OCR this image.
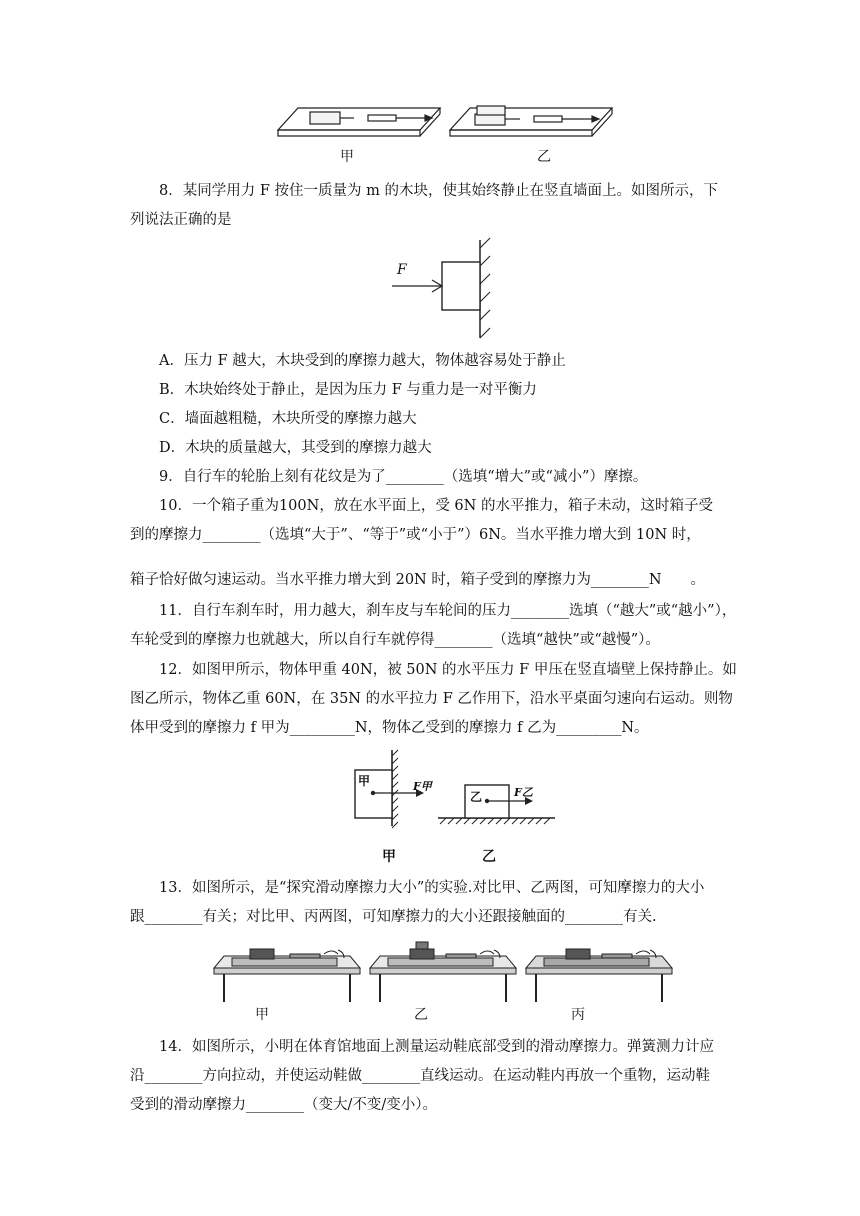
甲	乙
8．某同学用力 F 按住一质量为 m 的木块，使其始终静止在竖直墙面上。如图所示，下
列说法正确的是
F
A．压力 F 越大，木块受到的摩擦力越大，物体越容易处于静止
B．木块始终处于静止，是因为压力 F 与重力是一对平衡力
C．墙面越粗糙，木块所受的摩擦力越大
D．木块的质量越大，其受到的摩擦力越大
9．自行车的轮胎上刻有花纹是为了________（选填“增大”或“减小”）摩擦。
10．一个箱子重为100N，放在水平面上，受 6N 的水平推力，箱子未动，这时箱子受
到的摩擦力________（选填“大于”、“等于”或“小于”）6N。当水平推力增大到 10N 时，
箱子恰好做匀速运动。当水平推力增大到 20N 时，箱子受到的摩擦力为________N　　。
11．自行车刹车时，用力越大，刹车皮与车轮间的压力________选填（“越大”或“越小”），
车轮受到的摩擦力也就越大，所以自行车就停得________（选填“越快”或“越慢”）。
12．如图甲所示，物体甲重 40N，被 50N 的水平压力 F 甲压在竖直墙壁上保持静止。如
图乙所示，物体乙重 60N，在 35N 的水平拉力 F 乙作用下，沿水平桌面匀速向右运动。则物
体甲受到的摩擦力 f 甲为_________N，物体乙受到的摩擦力 f 乙为_________N。
甲	F甲
乙	F乙
甲	乙
13．如图所示，是“探究滑动摩擦力大小”的实验.对比甲、乙两图，可知摩擦力的大小
跟________有关；对比甲、丙两图，可知摩擦力的大小还跟接触面的________有关.
甲	乙	丙
14．如图所示，小明在体育馆地面上测量运动鞋底部受到的滑动摩擦力。弹簧测力计应
沿________方向拉动，并使运动鞋做________直线运动。在运动鞋内再放一个重物，运动鞋
受到的滑动摩擦力________（变大/不变/变小）。
